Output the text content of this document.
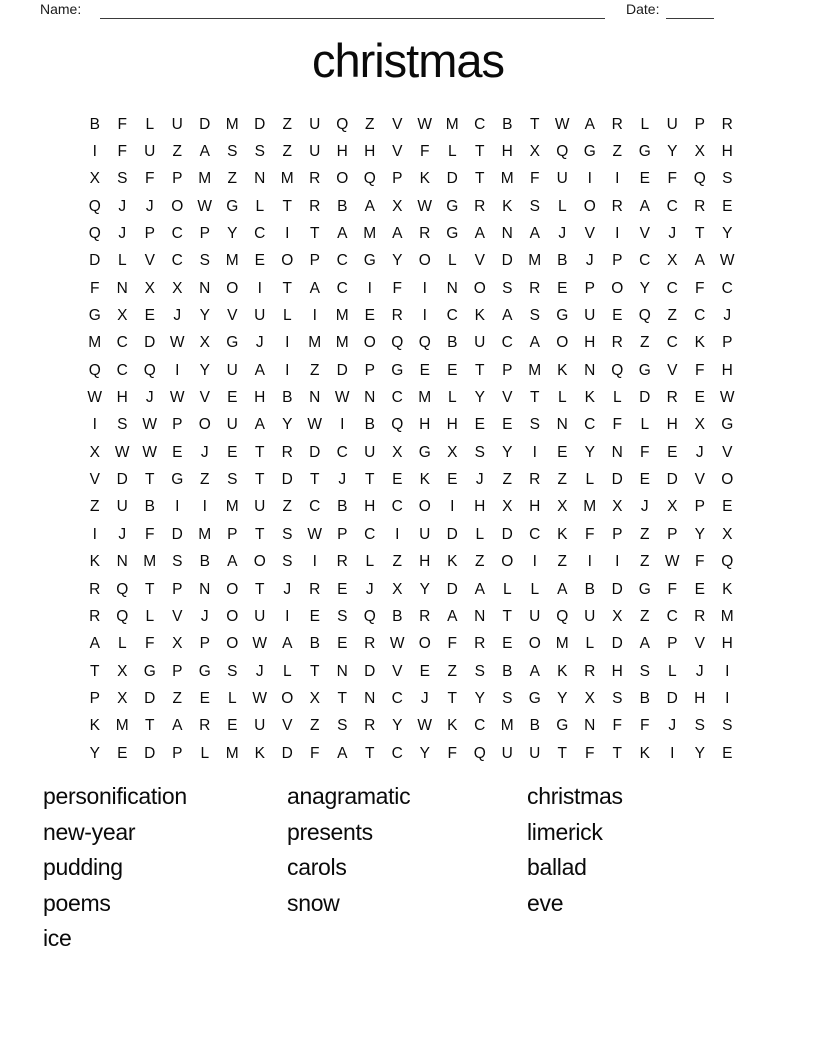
Name:	Date:
christmas
B	F	L	U	D M D	Z	U	Q	Z	V W M C	B	T W A	R	L	U	P	R
I	F	U	Z	A	S	S	Z	U	H	H	V	F	L	T	H	X	Q G	Z	G	Y	X	H
X	S	F	P	M	Z	N M R	O Q	P	K	D	T	M	F	U	I	I	E	F	Q	S
Q	J	J	O W G	L	T	R	B	A	X W G	R	K	S	L	O	R	A	C	R	E
Q	J	P	C	P	Y	C	I	T	A	M	A	R	G	A	N	A	J	V	I	V	J	T	Y
D	L	V	C	S	M	E	O	P	C	G	Y	O	L	V	D M	B	J	P	C	X	A W
F	N	X	X	N	O	I	T	A	C	I	F	I	N	O	S	R	E	P	O	Y	C	F	C
G	X	E	J	Y	V	U	L	I	M	E	R	I	C	K	A	S	G	U	E	Q	Z	C	J
M C	D W X	G	J	I	M M O Q Q	B	U	C	A	O	H	R	Z	C	K	P
Q	C	Q	I	Y	U	A	I	Z	D	P	G	E	E	T	P	M	K	N	Q G	V	F	H
W H	J	W V	E	H	B	N W N	C M	L	Y	V	T	L	K	L	D	R	E W
I	S W P	O	U	A	Y W	I	B	Q	H	H	E	E	S	N	C	F	L	H	X	G
X W W E	J	E	T	R	D	C	U	X	G	X	S	Y	I	E	Y	N	F	E	J	V
V	D	T	G	Z	S	T	D	T	J	T	E	K	E	J	Z	R	Z	L	D	E	D	V	O
Z	U	B	I	I	M U	Z	C	B	H	C	O	I	H	X	H	X	M	X	J	X	P	E
I	J	F	D M	P	T	S W P	C	I	U	D	L	D	C	K	F	P	Z	P	Y	X
K	N M	S	B	A	O	S	I	R	L	Z	H	K	Z	O	I	Z	I	I	Z W F	Q
R	Q	T	P	N	O	T	J	R	E	J	X	Y	D	A	L	L	A	B	D	G	F	E	K
R	Q	L	V	J	O	U	I	E	S	Q	B	R	A	N	T	U	Q	U	X	Z	C	R M
A	L	F	X	P	O W A	B	E	R W O	F	R	E	O M	L	D	A	P	V	H
T	X	G	P	G	S	J	L	T	N	D	V	E	Z	S	B	A	K	R	H	S	L	J	I
P	X	D	Z	E	L	W O	X	T	N	C	J	T	Y	S	G	Y	X	S	B	D	H	I
K	M	T	A	R	E	U	V	Z	S	R	Y W K	C M	B	G	N	F	F	J	S	S
Y	E	D	P	L	M	K	D	F	A	T	C	Y	F	Q	U	U	T	F	T	K	I	Y	E
personification
new-year
pudding
poems
ice
anagramatic
presents
carols
snow
christmas
limerick
ballad
eve
